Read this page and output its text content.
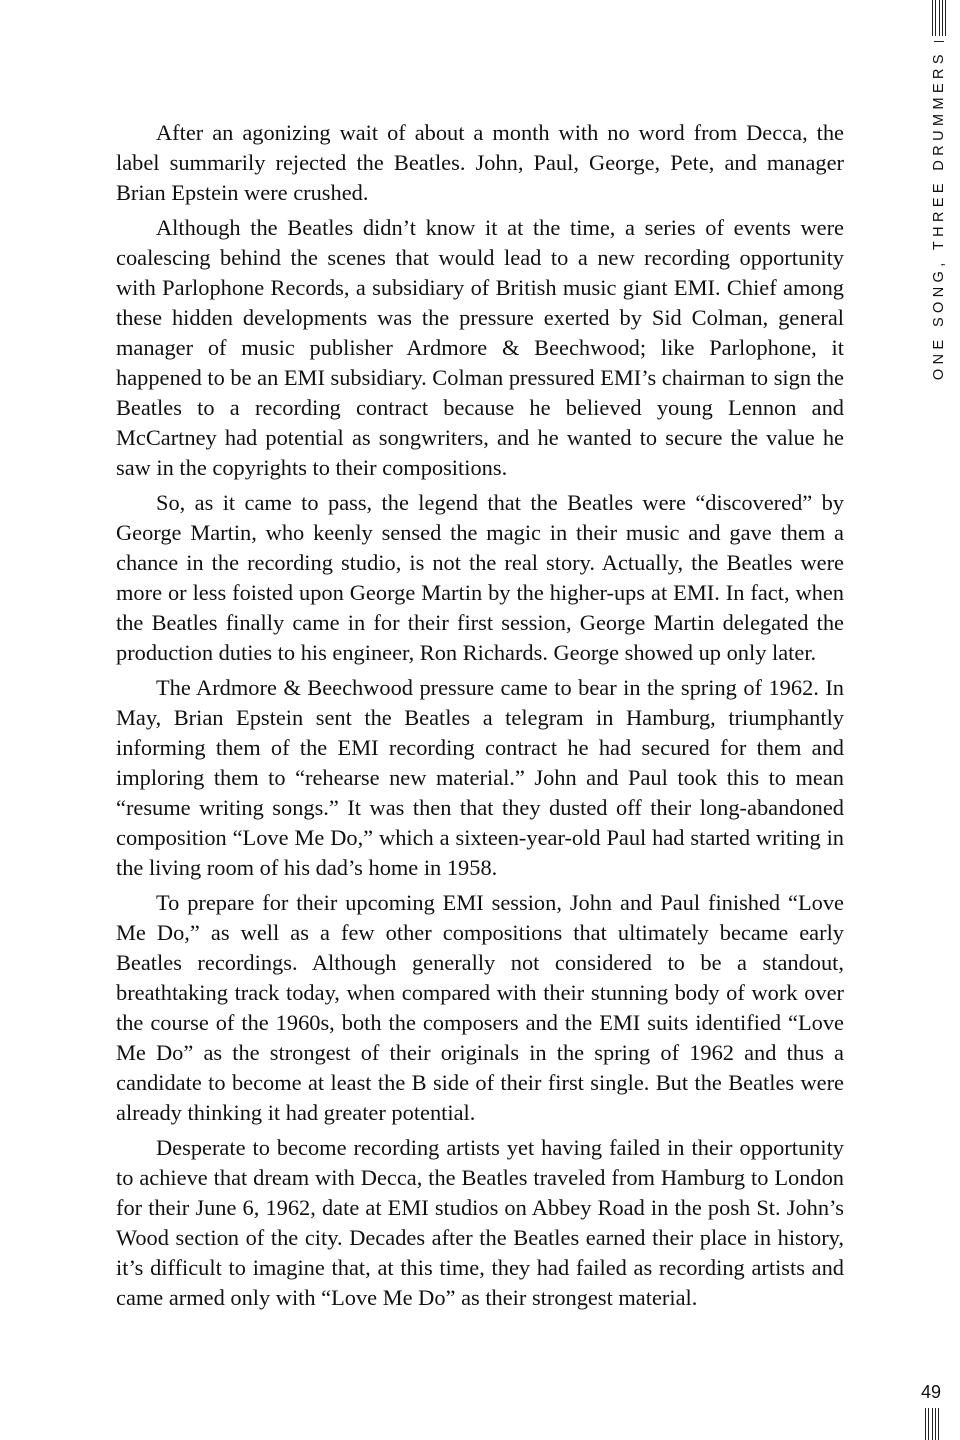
After an agonizing wait of about a month with no word from Decca, the label summarily rejected the Beatles. John, Paul, George, Pete, and manager Brian Epstein were crushed.

Although the Beatles didn’t know it at the time, a series of events were coalescing behind the scenes that would lead to a new recording opportunity with Parlophone Records, a subsidiary of British music giant EMI. Chief among these hidden developments was the pressure exerted by Sid Colman, general manager of music publisher Ardmore & Beechwood; like Parlophone, it happened to be an EMI subsidiary. Colman pressured EMI’s chairman to sign the Beatles to a recording contract because he believed young Lennon and McCartney had potential as songwriters, and he wanted to secure the value he saw in the copyrights to their compositions.

So, as it came to pass, the legend that the Beatles were “discovered” by George Martin, who keenly sensed the magic in their music and gave them a chance in the recording studio, is not the real story. Actually, the Beatles were more or less foisted upon George Martin by the higher-ups at EMI. In fact, when the Beatles finally came in for their first session, George Martin delegated the production duties to his engineer, Ron Richards. George showed up only later.

The Ardmore & Beechwood pressure came to bear in the spring of 1962. In May, Brian Epstein sent the Beatles a telegram in Hamburg, triumphantly informing them of the EMI recording contract he had secured for them and imploring them to “rehearse new material.” John and Paul took this to mean “resume writing songs.” It was then that they dusted off their long-abandoned composition “Love Me Do,” which a sixteen-year-old Paul had started writing in the living room of his dad’s home in 1958.

To prepare for their upcoming EMI session, John and Paul finished “Love Me Do,” as well as a few other compositions that ultimately became early Beatles recordings. Although generally not considered to be a standout, breathtaking track today, when compared with their stunning body of work over the course of the 1960s, both the composers and the EMI suits identified “Love Me Do” as the strongest of their originals in the spring of 1962 and thus a candidate to become at least the B side of their first single. But the Beatles were already thinking it had greater potential.

Desperate to become recording artists yet having failed in their opportunity to achieve that dream with Decca, the Beatles traveled from Hamburg to London for their June 6, 1962, date at EMI studios on Abbey Road in the posh St. John’s Wood section of the city. Decades after the Beatles earned their place in history, it’s difficult to imagine that, at this time, they had failed as recording artists and came armed only with “Love Me Do” as their strongest material.

ONE SONG, THREE DRUMMERS
49
